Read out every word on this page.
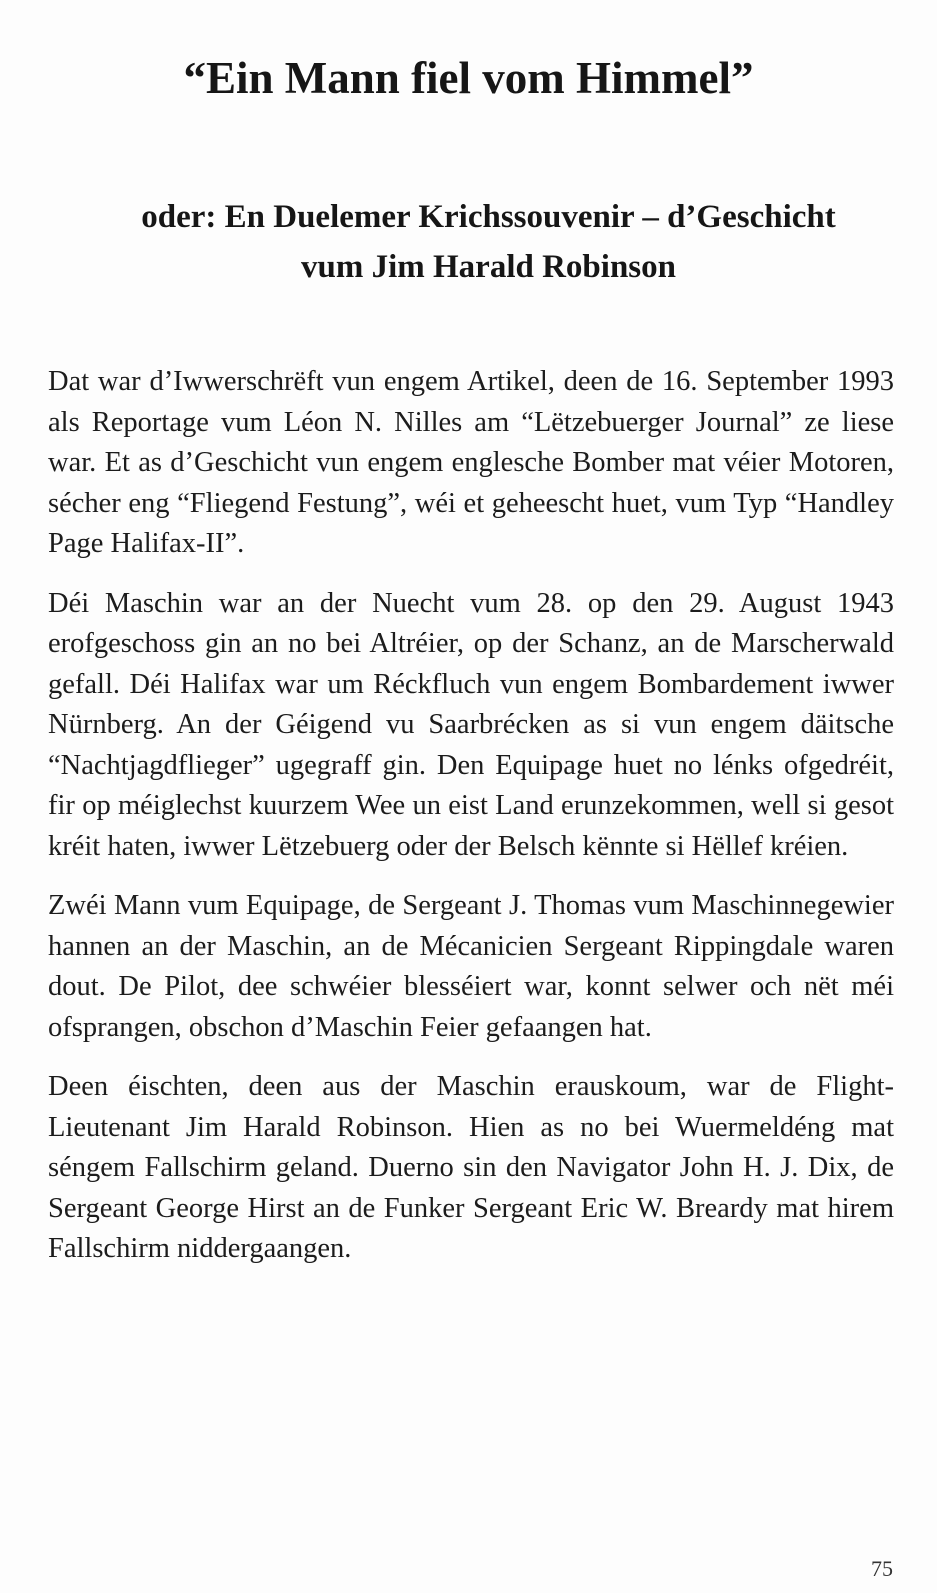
“Ein Mann fiel vom Himmel”
oder: En Duelemer Krichssouvenir – d’Geschicht
vum Jim Harald Robinson

Dat war d’Iwwerschrëft vun engem Artikel, deen de 16. September 1993 als Reportage vum Léon N. Nilles am “Lëtzebuerger Journal” ze liese war. Et as d’Geschicht vun engem englesche Bomber mat véier Motoren, sécher eng “Fliegend Festung”, wéi et geheescht huet, vum Typ “Handley Page Halifax-II”.

Déi Maschin war an der Nuecht vum 28. op den 29. August 1943 erofgeschoss gin an no bei Altréier, op der Schanz, an de Marscherwald gefall. Déi Halifax war um Réckfluch vun engem Bombardement iwwer Nürnberg. An der Géigend vu Saarbrécken as si vun engem däitsche “Nachtjagdflieger” ugegraff gin. Den Equipage huet no lénks ofgedréit, fir op méiglechst kuurzem Wee un eist Land erunzekommen, well si gesot kréit haten, iwwer Lëtzebuerg oder der Belsch kënnte si Hëllef kréien.

Zwéi Mann vum Equipage, de Sergeant J. Thomas vum Maschinnegewier hannen an der Maschin, an de Mécanicien Sergeant Rippingdale waren dout. De Pilot, dee schwéier blesséiert war, konnt selwer och nët méi ofsprangen, obschon d’Maschin Feier gefaangen hat.

Deen éischten, deen aus der Maschin erauskoum, war de Flight-Lieutenant Jim Harald Robinson. Hien as no bei Wuermeldéng mat séngem Fallschirm geland. Duerno sin den Navigator John H. J. Dix, de Sergeant George Hirst an de Funker Sergeant Eric W. Breardy mat hirem Fallschirm niddergaangen.

75
